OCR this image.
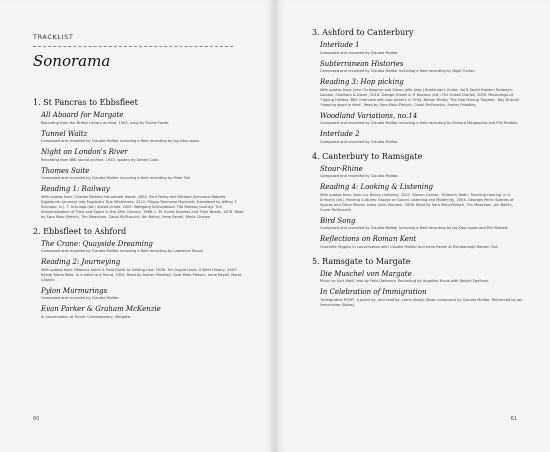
TRACKLIST
Sonorama
1. St Pancras to Ebbsfleet
All Aboard for Margate
Recording from the British Library archive, 1905, sung by Florrie Forde.
Tunnel Waltz
Composed and recorded by Claudia Molitor including a field recording by Jay-Dea Lopez.
Night on London's River
Recording from BBC sound archive, 1933, spoken by Gerald Cock.
Thames Suite
Composed and recorded by Claudia Molitor including a field recording by Peter Toll.
Reading 1: Railway
With quotes from: Charles Dickens Household Words, 1851. Paul Farley and Michael Symmons Roberts Edgelands: Journeys into England's True Wilderness, 2012. Filippo Tommaso Marinetti, translated by Jeffrey T. Schnapp, in J. T. Schnapp (ed.) Speed Limits, 2009. Wolfgang Schivelbusch The Railway Journey: The Industrialization of Time and Space in the 19th Century, 1986. L. M. Evans Novelas and Their Needs, 1878. Read by Sara Mohr-Pietsch, Tim Meacham, Conal McStravick, Ain Bailey, Irene Revell, Maria Chavez.
2. Ebbsfleet to Ashford
The Crane: Quayside Dreaming
Composed and recorded by Claudia Molitor including a field recording by Lawrence Shove.
Reading 2: Journeying
With quotes from: Rebecca Solnit A Field Guide to Getting Lost, 2006. Tim Ingold Lines: A Brief History, 2007. Rainer Maria Rilke, in a letter to a friend, 1925. Read by Amber Priestley, Sara Mohr-Pietsch, Irene Revell, Maria Chavez.
Pylon Murmurings
Composed and recorded by Claudia Molitor.
Evan Parker & Graham McKenzie
In conversation at Turner Contemporary, Margate.
60
3. Ashford to Canterbury
Interlude 1
Composed and recorded by Claudia Molitor.
Subterranean Histories
Composed and recorded by Claudia Molitor including a field recording by Nigel Tucker.
Reading 3: Hop picking
With quotes from: John Christopher and Simon Jeffs (eds.) Bradshaw's Guide: Vol 6 South Eastern Railways: London, Chatham & Dover, 2016. George Orwell in P. Davison (ed.) The Orwell Diaries, 2009. Recordings of 'Opping Holiday' BBC interview with hop pickers in 1934, Nelson Ridley 'The Hop Picking Tragedy', Ray Driscoll 'Hopping down in Kent'. Read by Sara Mohr-Pietsch, Conal McStravick, Amber Priestley.
Woodland Variations, no.14
Composed and recorded by Claudia Molitor including a field recording by Richard Margoschis and Phil Riddett.
Interlude 2
Composed and recorded by Claudia Molitor.
4. Canterbury to Ramsgate
Stour-Rhine
Composed and recorded by Claudia Molitor.
Reading 4: Looking & Listening
With quotes from: Jean-Luc Nancy Listening, 2007. Steven Connor, 'Edison's Teeth: Touching Hearing' in V. Erlmann (ed.) Hearing Cultures: Essays on Sound, Listening and Modernity, 2004. Georges Perec Species of Spaces and Other Pieces, trans. John Sturrock, 2008. Read by Sara Mohr-Pietsch, Tim Meacham, Ain Bailey, Conal McStravick.
Bird Song
Composed and recorded by Claudia Molitor including a field recording by Jay-Dea Lopez and Phil Riddett.
Reflections on Roman Kent
Charlotte Higgins in conversation with Claudia Molitor and Irene Revell at Richborough Roman Fort.
5. Ramsgate to Margate
Die Muschel von Margate
Music by Kurt Weill, text by Felix Gasbarra. Recording by Angelina Kraus with Robert Egelhow.
In Celebration of Immigration
'Immigration RSVP', a poem by, and read by, Lemn Sissay. Music composed by Claudia Molitor. Performed by Jan Hendrickse (flutes).
61
